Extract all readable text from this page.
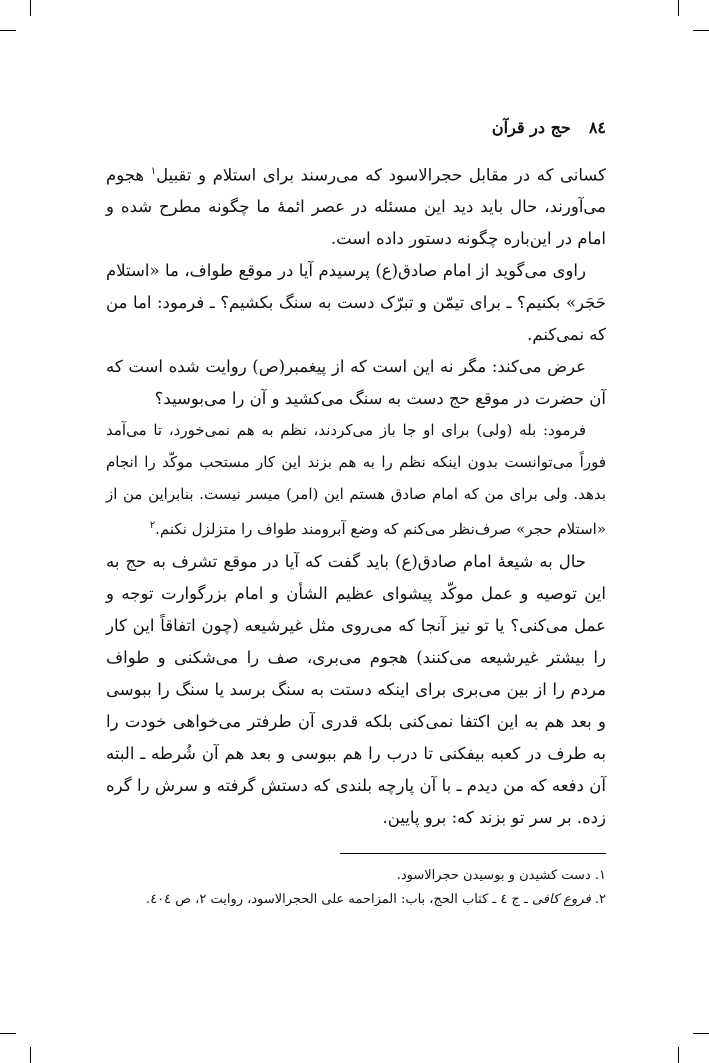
٨٤حج در قرآن

کسانی که در مقابل حجرالاسود که می‌رسند برای استلام و تقبیل$^١$ هجوم می‌آورند، حال باید دید این مسئله در عصر ائمهٔ ما چگونه مطرح شده و امام در این‌باره چگونه دستور داده است.

راوی می‌گوید از امام صادق(ع) پرسیدم آیا در موقع طواف، ما «استلام حَجَر» بکنیم؟ ـ برای تیمّن و تبرّک دست به سنگ بکشیم؟ ـ فرمود: اما من که نمی‌کنم.

عرض می‌کند: مگر نه این است که از پیغمبر(ص) روایت شده است که آن حضرت در موقع حج دست به سنگ می‌کشید و آن را می‌بوسید؟

فرمود: بله (ولی) برای او جا باز می‌کردند، نظم به هم نمی‌خورد، تا می‌آمد فوراً می‌توانست بدون اینکه نظم را به هم بزند این کار مستحب موکّد را انجام بدهد. ولی برای من که امام صادق هستم این (امر) میسر نیست. بنابراین من از «استلام حجر» صرف‌نظر می‌کنم که وضع آبرومند طواف را متزلزل نکنم.$^٢$

حال به شیعهٔ امام صادق(ع) باید گفت که آیا در موقع تشرف به حج به این توصیه و عمل موکّد پیشوای عظیم الشأن و امام بزرگوارت توجه و عمل می‌کنی؟ یا تو نیز آنجا که می‌روی مثل غیرشیعه (چون اتفاقاً این کار را بیشتر غیرشیعه می‌کنند) هجوم می‌بری، صف را می‌شکنی و طواف مردم را از بین می‌بری برای اینکه دستت به سنگ برسد یا سنگ را ببوسی و بعد هم به این اکتفا نمی‌کنی بلکه قدری آن طرفتر می‌خواهی خودت را به طرف در کعبه بیفکنی تا درب را هم ببوسی و بعد هم آن شُرطه ـ البته آن دفعه که من دیدم ـ با آن پارچه بلندی که دستش گرفته و سرش را گره زده. بر سر تو بزند که: برو پایین.

١. دست کشیدن و بوسیدن حجرالاسود.

٢. فروع کافی ـ ج ٤ ـ کتاب الحج، باب: المزاحمه علی الحجرالاسود، روایت ٢، ص ٤٠٤.
